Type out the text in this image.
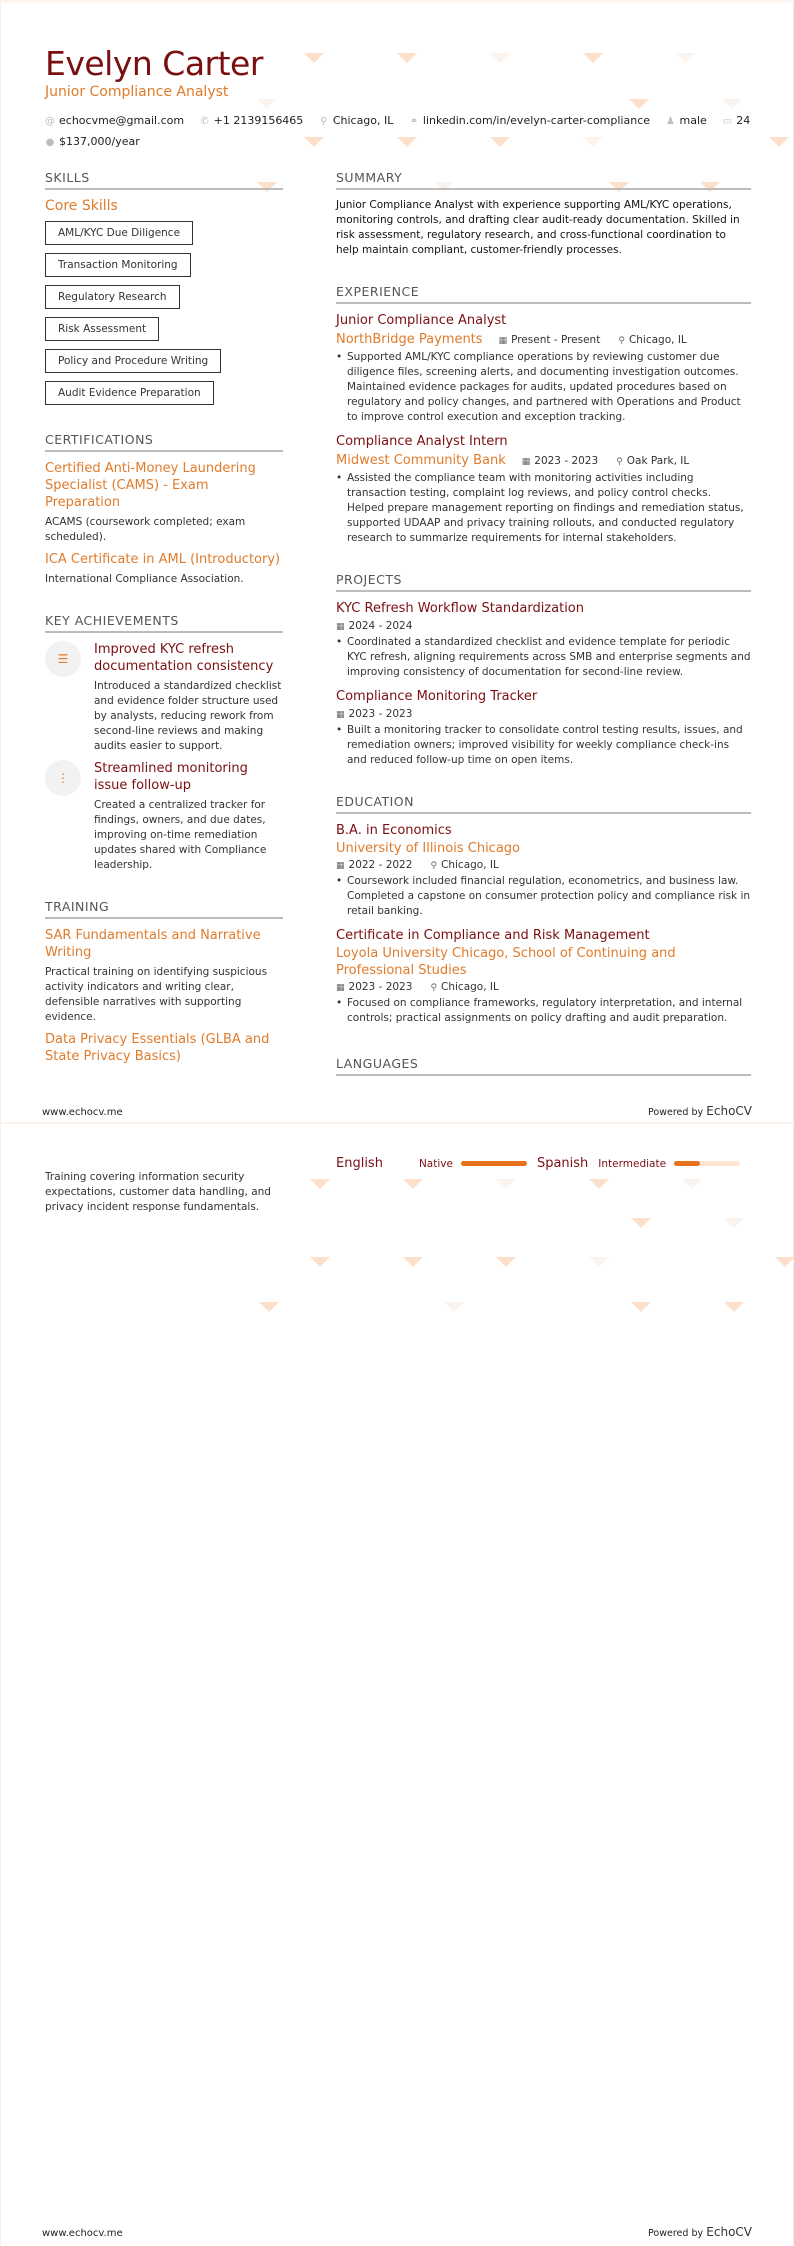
Evelyn Carter
Junior Compliance Analyst
@ echocvme@gmail.com ✆ +1 2139156465 ⚲ Chicago, IL ⚭ linkedin.com/in/evelyn-carter-compliance ♟ male ▭ 24
● $137,000/year
SKILLS
Core Skills
AML/KYC Due Diligence
Transaction Monitoring
Regulatory Research
Risk Assessment
Policy and Procedure Writing
Audit Evidence Preparation
CERTIFICATIONS
Certified Anti-Money Laundering Specialist (CAMS) - Exam Preparation
ACAMS (coursework completed; exam scheduled).
ICA Certificate in AML (Introductory)
International Compliance Association.
KEY ACHIEVEMENTS
☰
Improved KYC refresh documentation consistency
Introduced a standardized checklist and evidence folder structure used by analysts, reducing rework from second-line reviews and making audits easier to support.
⋮
Streamlined monitoring issue follow-up
Created a centralized tracker for findings, owners, and due dates, improving on-time remediation updates shared with Compliance leadership.
TRAINING
SAR Fundamentals and Narrative Writing
Practical training on identifying suspicious activity indicators and writing clear, defensible narratives with supporting evidence.
Data Privacy Essentials (GLBA and State Privacy Basics)
SUMMARY
Junior Compliance Analyst with experience supporting AML/KYC operations, monitoring controls, and drafting clear audit-ready documentation. Skilled in risk assessment, regulatory research, and cross-functional coordination to help maintain compliant, customer-friendly processes.
EXPERIENCE
Junior Compliance Analyst
NorthBridge Payments ▦ Present - Present ⚲ Chicago, IL
• Supported AML/KYC compliance operations by reviewing customer due diligence files, screening alerts, and documenting investigation outcomes. Maintained evidence packages for audits, updated procedures based on regulatory and policy changes, and partnered with Operations and Product to improve control execution and exception tracking.
Compliance Analyst Intern
Midwest Community Bank ▦ 2023 - 2023 ⚲ Oak Park, IL
• Assisted the compliance team with monitoring activities including transaction testing, complaint log reviews, and policy control checks. Helped prepare management reporting on findings and remediation status, supported UDAAP and privacy training rollouts, and conducted regulatory research to summarize requirements for internal stakeholders.
PROJECTS
KYC Refresh Workflow Standardization
▦ 2024 - 2024
• Coordinated a standardized checklist and evidence template for periodic KYC refresh, aligning requirements across SMB and enterprise segments and improving consistency of documentation for second-line review.
Compliance Monitoring Tracker
▦ 2023 - 2023
• Built a monitoring tracker to consolidate control testing results, issues, and remediation owners; improved visibility for weekly compliance check-ins and reduced follow-up time on open items.
EDUCATION
B.A. in Economics
University of Illinois Chicago
▦ 2022 - 2022 ⚲ Chicago, IL
• Coursework included financial regulation, econometrics, and business law. Completed a capstone on consumer protection policy and compliance risk in retail banking.
Certificate in Compliance and Risk Management
Loyola University Chicago, School of Continuing and Professional Studies
▦ 2023 - 2023 ⚲ Chicago, IL
• Focused on compliance frameworks, regulatory interpretation, and internal controls; practical assignments on policy drafting and audit preparation.
LANGUAGES
www.echocv.me	Powered by EchoCV
Training covering information security expectations, customer data handling, and privacy incident response fundamentals.
English	Native	Spanish Intermediate
www.echocv.me	Powered by EchoCV
